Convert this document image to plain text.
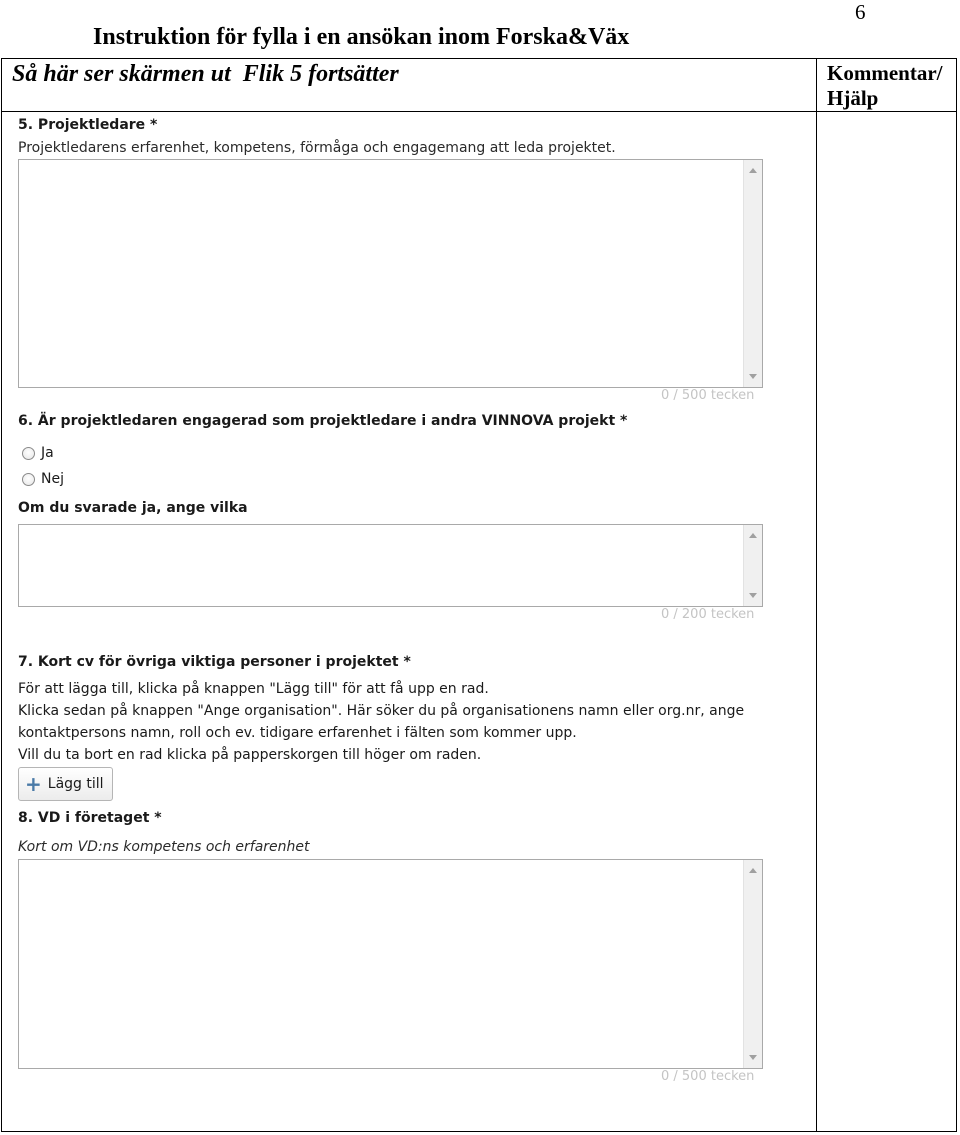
6
Instruktion för fylla i en ansökan inom Forska&Väx
Så här ser skärmen ut Flik 5 fortsätter	Kommentar/ Hjälp
5. Projektledare *
Projektledarens erfarenhet, kompetens, förmåga och engagemang att leda projektet.
0 / 500 tecken
6. Är projektledaren engagerad som projektledare i andra VINNOVA projekt *
Ja
Nej
Om du svarade ja, ange vilka
0 / 200 tecken
7. Kort cv för övriga viktiga personer i projektet *
För att lägga till, klicka på knappen "Lägg till" för att få upp en rad.
Klicka sedan på knappen "Ange organisation". Här söker du på organisationens namn eller org.nr, ange
kontaktpersons namn, roll och ev. tidigare erfarenhet i fälten som kommer upp.
Vill du ta bort en rad klicka på papperskorgen till höger om raden.
+ Lägg till
8. VD i företaget *
Kort om VD:ns kompetens och erfarenhet
0 / 500 tecken
